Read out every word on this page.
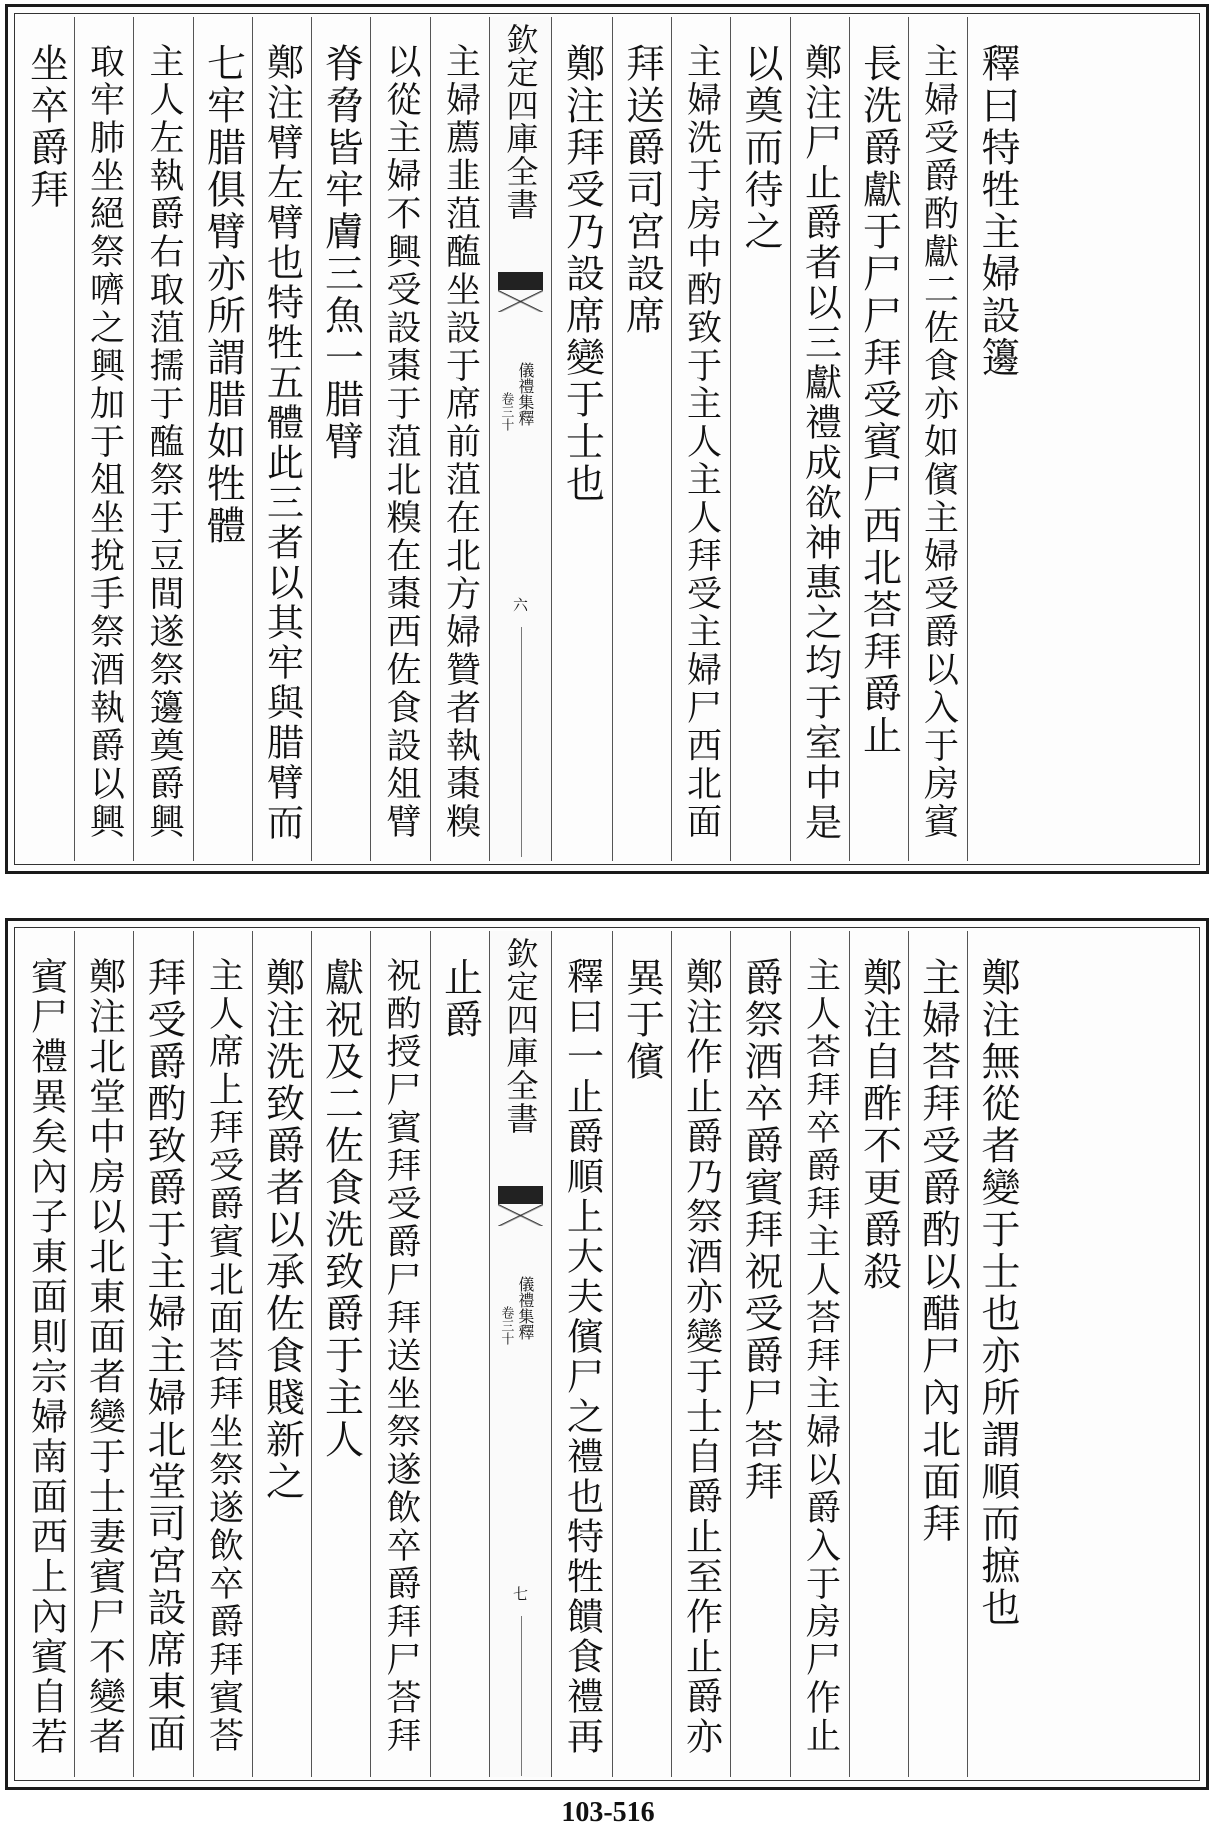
坐卒爵拜 取牢肺坐絕祭嚌之興加于俎坐挩手祭酒執爵以興 主人左執爵右取菹擩于醢祭于豆間遂祭籩奠爵興 七牢腊俱臂亦所謂腊如牲體 鄭注臂左臂也特牲五體此三者以其牢與腊臂而 脊脅皆牢膚三魚一腊臂 以從主婦不興受設棗于菹北糗在棗西佐食設俎臂 主婦薦韭菹醢坐設于席前菹在北方婦贊者執棗糗 欽定四庫全書
儀禮集釋
卷三十
六
鄭注拜受乃設席變于士也 拜送爵司宮設席 主婦洗于房中酌致于主人主人拜受主婦尸西北面 以奠而待之 鄭注尸止爵者以三獻禮成欲神惠之均于室中是 長洗爵獻于尸尸拜受賓尸西北荅拜爵止 主婦受爵酌獻二佐食亦如儐主婦受爵以入于房賓 釋曰特牲主婦設籩
賓尸禮異矣內子東面則宗婦南面西上內賓自若 鄭注北堂中房以北東面者變于士妻賓尸不變者 拜受爵酌致爵于主婦主婦北堂司宮設席東面 主人席上拜受爵賓北面荅拜坐祭遂飲卒爵拜賓荅 鄭注洗致爵者以承佐食賤新之 獻祝及二佐食洗致爵于主人 祝酌授尸賓拜受爵尸拜送坐祭遂飲卒爵拜尸荅拜 止爵 欽定四庫全書
儀禮集釋
卷三十
七 釋曰一止爵順上大夫儐尸之禮也特牲饋食禮再 異于儐 鄭注作止爵乃祭酒亦變于士自爵止至作止爵亦 爵祭酒卒爵賓拜祝受爵尸荅拜 主人荅拜卒爵拜主人荅拜主婦以爵入于房尸作止 鄭注自酢不更爵殺 主婦荅拜受爵酌以醋尸內北面拜 鄭注無從者變于士也亦所謂順而摭也
103-516
